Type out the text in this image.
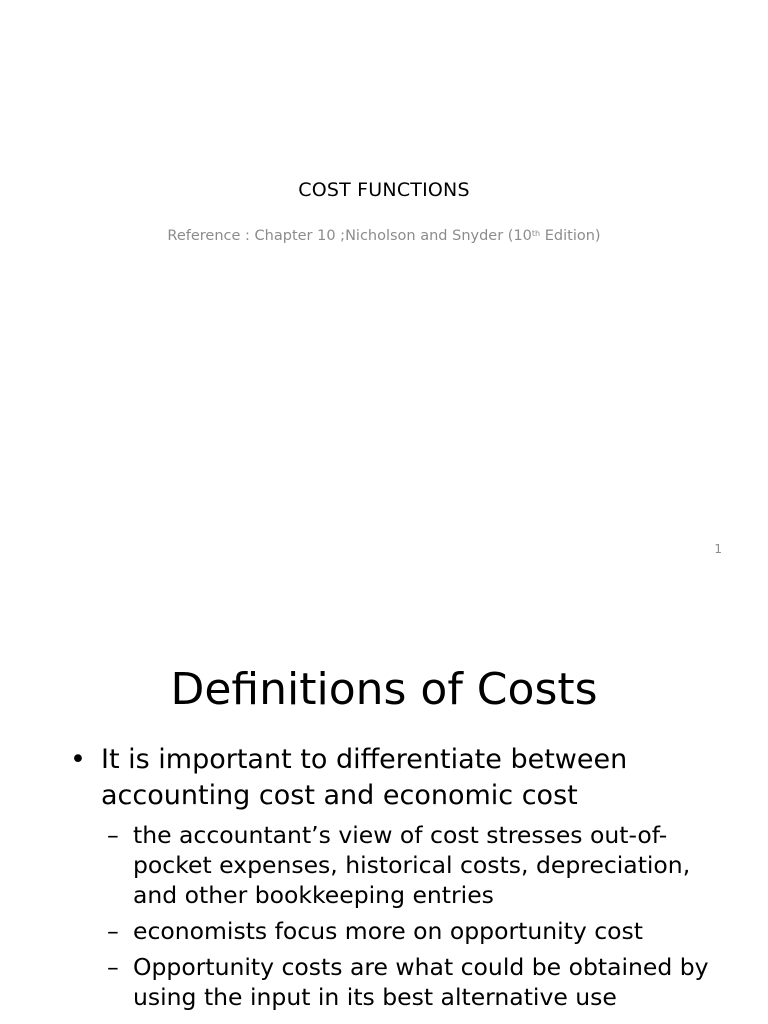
COST FUNCTIONS
Reference : Chapter 10 ;Nicholson and Snyder (10th Edition)
1
Definitions of Costs
• It is important to differentiate between accounting cost and economic cost
– the accountant’s view of cost stresses out-of-pocket expenses, historical costs, depreciation, and other bookkeeping entries
– economists focus more on opportunity cost
– Opportunity costs are what could be obtained by using the input in its best alternative use
